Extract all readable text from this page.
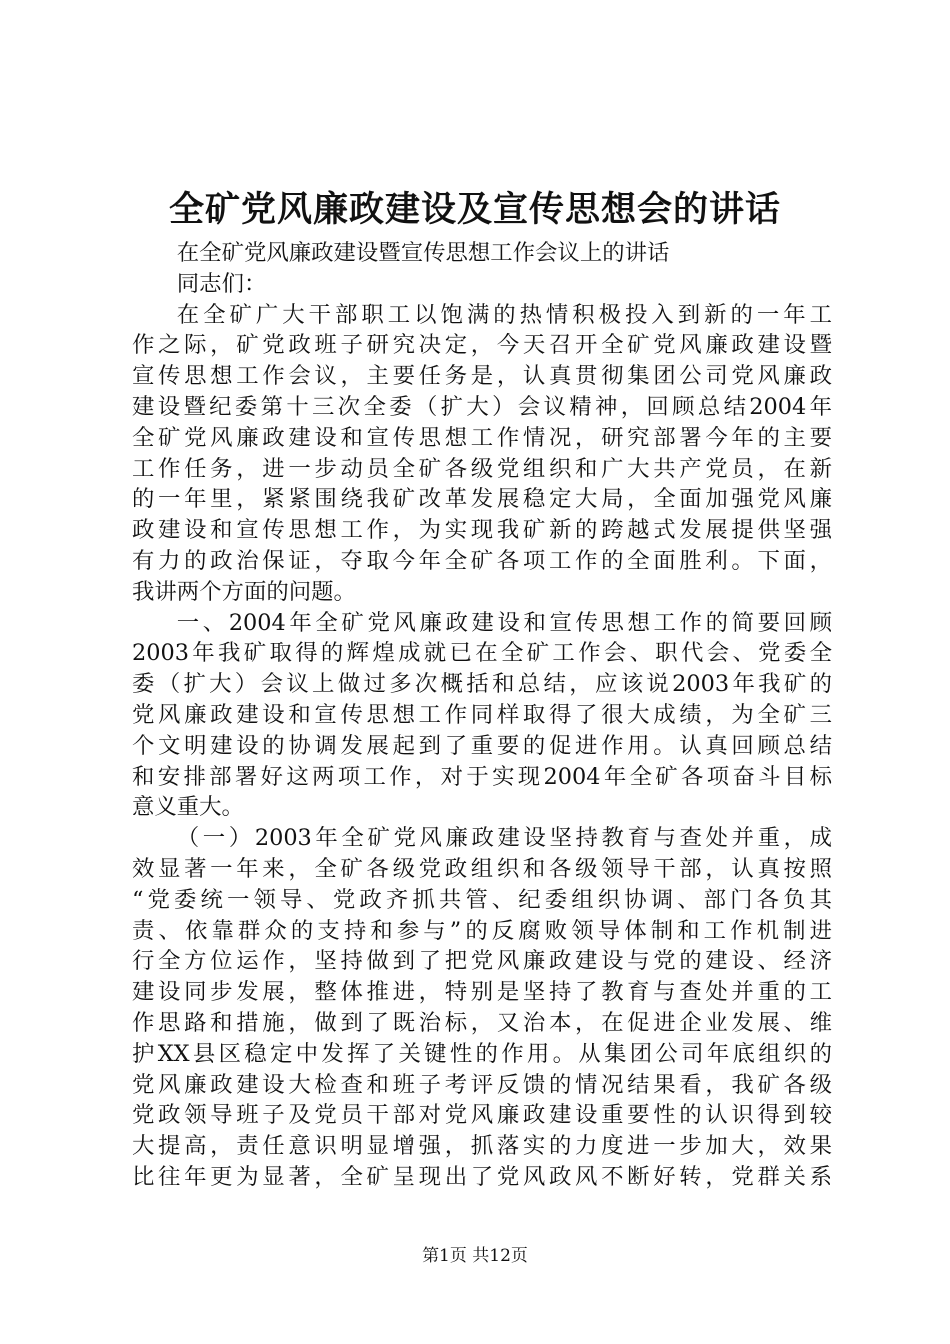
全矿党风廉政建设及宣传思想会的讲话
在全矿党风廉政建设暨宣传思想工作会议上的讲话
同志们：
在全矿广大干部职工以饱满的热情积极投入到新的一年工
作之际，矿党政班子研究决定，今天召开全矿党风廉政建设暨
宣传思想工作会议，主要任务是，认真贯彻集团公司党风廉政
建设暨纪委第十三次全委（扩大）会议精神，回顾总结2004年
全矿党风廉政建设和宣传思想工作情况，研究部署今年的主要
工作任务，进一步动员全矿各级党组织和广大共产党员，在新
的一年里，紧紧围绕我矿改革发展稳定大局，全面加强党风廉
政建设和宣传思想工作，为实现我矿新的跨越式发展提供坚强
有力的政治保证，夺取今年全矿各项工作的全面胜利。下面，
我讲两个方面的问题。
一、2004年全矿党风廉政建设和宣传思想工作的简要回顾
2003年我矿取得的辉煌成就已在全矿工作会、职代会、党委全
委（扩大）会议上做过多次概括和总结，应该说2003年我矿的
党风廉政建设和宣传思想工作同样取得了很大成绩，为全矿三
个文明建设的协调发展起到了重要的促进作用。认真回顾总结
和安排部署好这两项工作，对于实现2004年全矿各项奋斗目标
意义重大。
（一）2003年全矿党风廉政建设坚持教育与查处并重，成
效显著一年来，全矿各级党政组织和各级领导干部，认真按照
“党委统一领导、党政齐抓共管、纪委组织协调、部门各负其
责、依靠群众的支持和参与”的反腐败领导体制和工作机制进
行全方位运作，坚持做到了把党风廉政建设与党的建设、经济
建设同步发展，整体推进，特别是坚持了教育与查处并重的工
作思路和措施，做到了既治标，又治本，在促进企业发展、维
护XX县区稳定中发挥了关键性的作用。从集团公司年底组织的
党风廉政建设大检查和班子考评反馈的情况结果看，我矿各级
党政领导班子及党员干部对党风廉政建设重要性的认识得到较
大提高，责任意识明显增强，抓落实的力度进一步加大，效果
比往年更为显著，全矿呈现出了党风政风不断好转，党群关系
第1页 共12页
